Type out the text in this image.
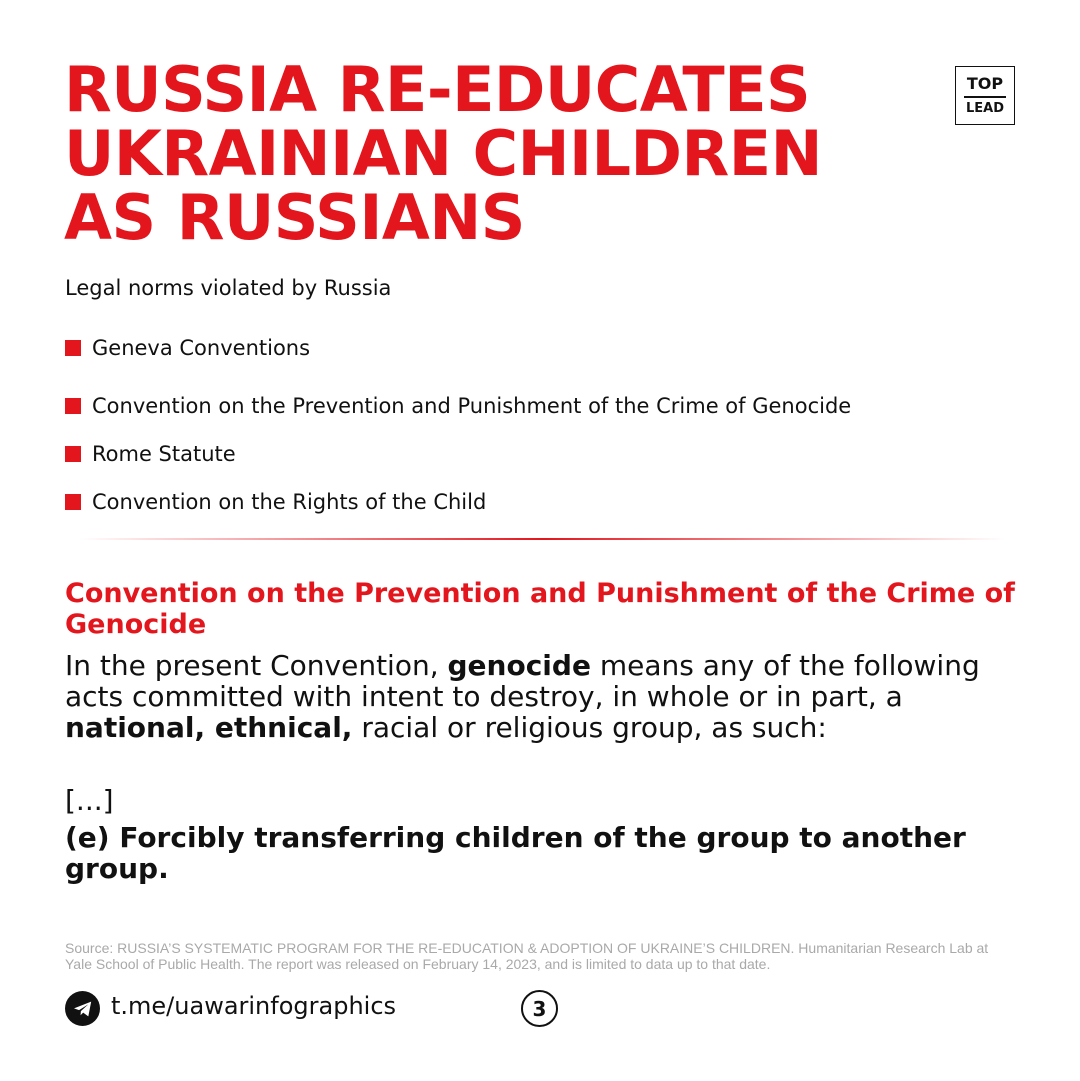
RUSSIA RE-EDUCATES
UKRAINIAN CHILDREN
AS RUSSIANS
TOP
LEAD
Legal norms violated by Russia
Geneva Conventions
Convention on the Prevention and Punishment of the Crime of Genocide
Rome Statute
Convention on the Rights of the Child
Convention on the Prevention and Punishment of the Crime of Genocide

In the present Convention, genocide means any of the following acts committed with intent to destroy, in whole or in part, a national, ethnical, racial or religious group, as such:

[...]

(e) Forcibly transferring children of the group to another group.

Source: RUSSIA’S SYSTEMATIC PROGRAM FOR THE RE-EDUCATION & ADOPTION OF UKRAINE’S CHILDREN. Humanitarian Research Lab at Yale School of Public Health. The report was released on February 14, 2023, and is limited to data up to that date.

t.me/uawarinfographics	3
